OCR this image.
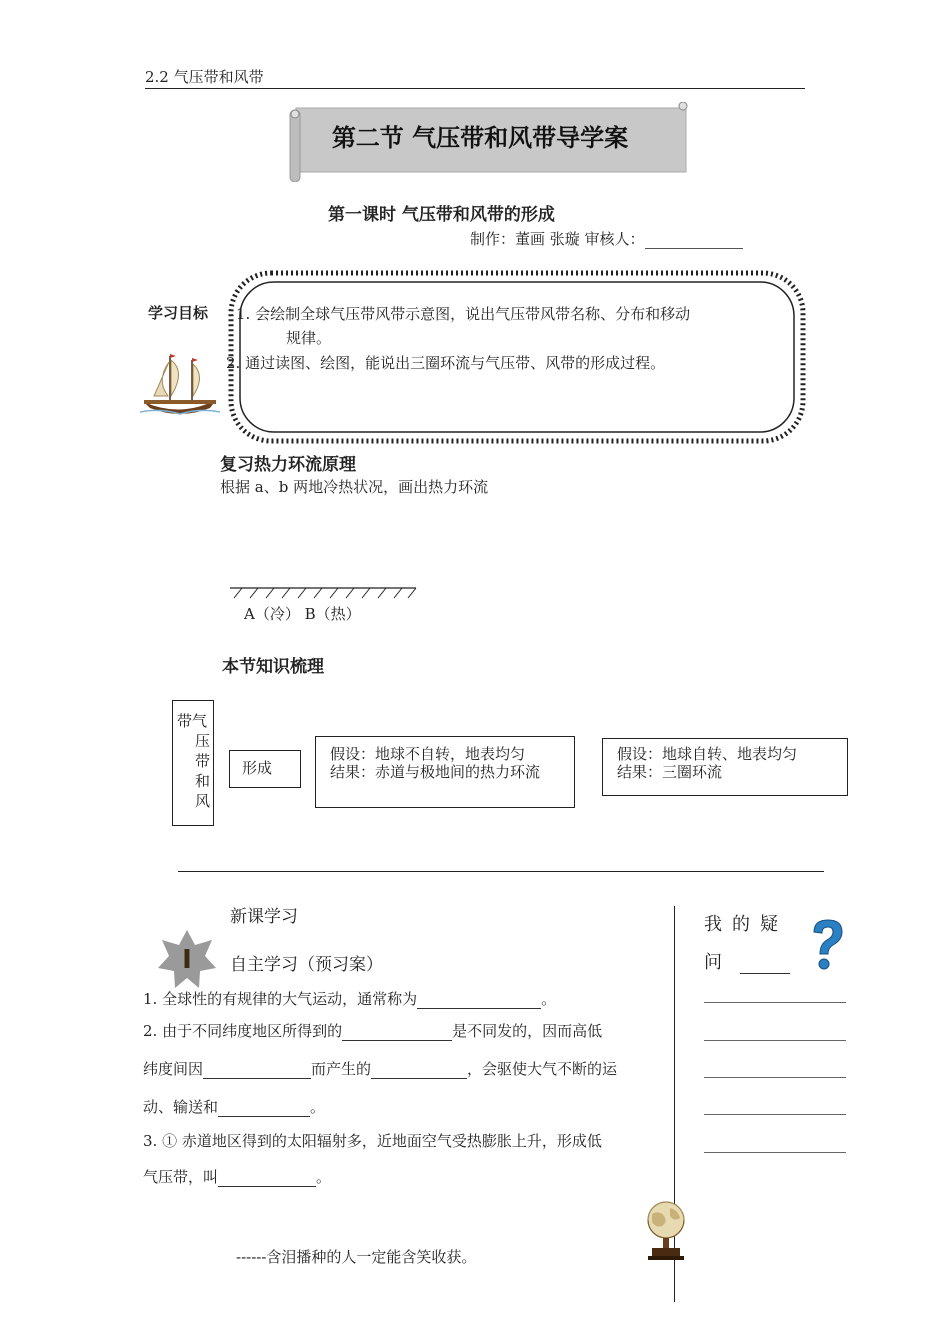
2.2 气压带和风带
第二节 气压带和风带导学案
第一课时 气压带和风带的形成
制作：董画 张璇 审核人：
学习目标 1. 会绘制全球气压带风带示意图，说出气压带风带名称、分布和移动
规律。
2. 通过读图、绘图，能说出三圈环流与气压带、风带的形成过程。
复习热力环流原理
根据 a、b 两地冷热状况，画出热力环流
A（冷） B（热）
本节知识梳理
带气
压
带
和
风
形成
假设：地球不自转，地表均匀
结果：赤道与极地间的热力环流
假设：地球自转、地表均匀
结果：三圈环流
新课学习
I 自主学习（预习案）
1. 全球性的有规律的大气运动，通常称为	。
2. 由于不同纬度地区所得到的	是不同发的，因而高低
纬度间因	而产生的	，会驱使大气不断的运
动、输送和	。
3. ① 赤道地区得到的太阳辐射多，近地面空气受热膨胀上升，形成低
气压带，叫	。
我的疑
问
------含泪播种的人一定能含笑收获。
